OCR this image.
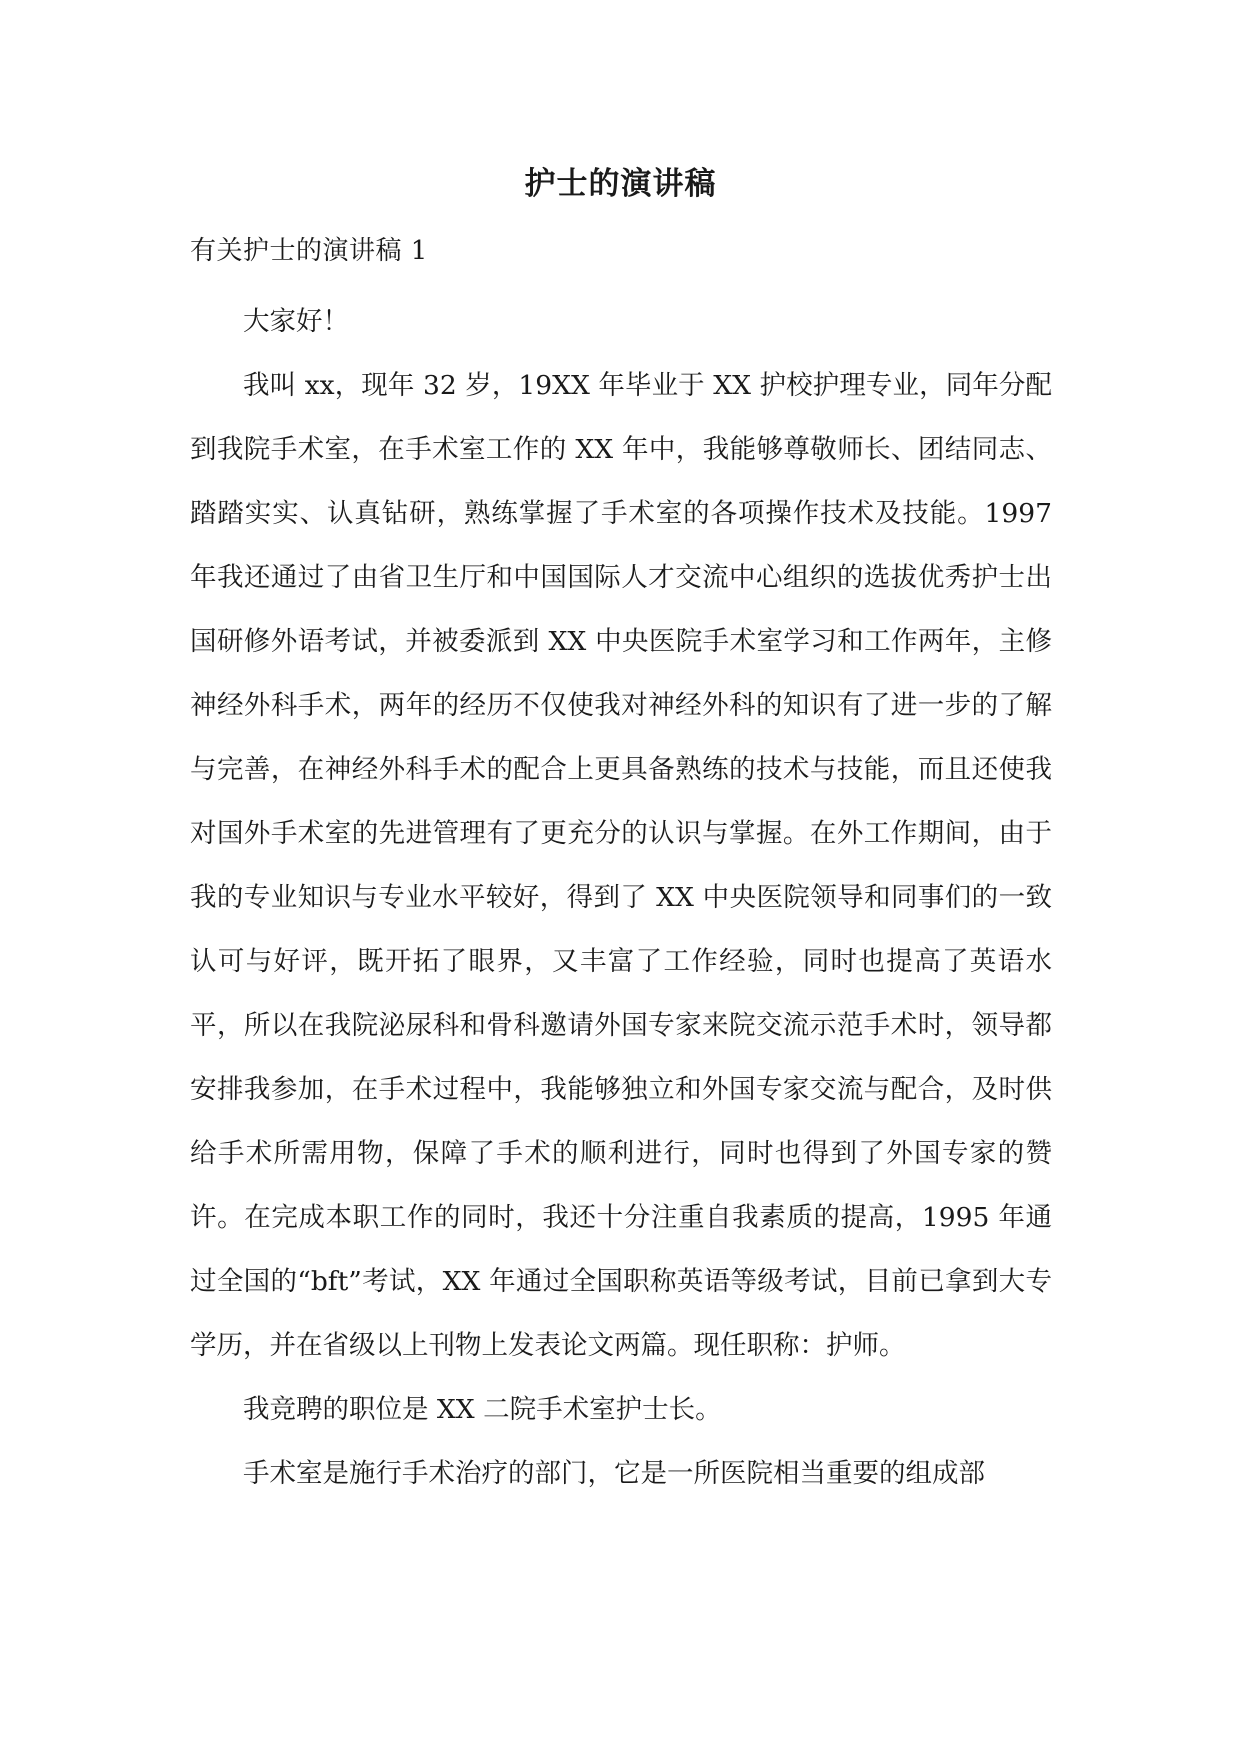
护士的演讲稿

有关护士的演讲稿 1

大家好！

我叫 xx，现年 32 岁，19XX 年毕业于 XX 护校护理专业，同年分配到我院手术室，在手术室工作的 XX 年中，我能够尊敬师长、团结同志、踏踏实实、认真钻研，熟练掌握了手术室的各项操作技术及技能。1997 年我还通过了由省卫生厅和中国国际人才交流中心组织的选拔优秀护士出国研修外语考试，并被委派到 XX 中央医院手术室学习和工作两年，主修神经外科手术，两年的经历不仅使我对神经外科的知识有了进一步的了解与完善，在神经外科手术的配合上更具备熟练的技术与技能，而且还使我对国外手术室的先进管理有了更充分的认识与掌握。在外工作期间，由于我的专业知识与专业水平较好，得到了 XX 中央医院领导和同事们的一致认可与好评，既开拓了眼界，又丰富了工作经验，同时也提高了英语水平，所以在我院泌尿科和骨科邀请外国专家来院交流示范手术时，领导都安排我参加，在手术过程中，我能够独立和外国专家交流与配合，及时供给手术所需用物，保障了手术的顺利进行，同时也得到了外国专家的赞许。在完成本职工作的同时，我还十分注重自我素质的提高，1995 年通过全国的“bft”考试，XX 年通过全国职称英语等级考试，目前已拿到大专学历，并在省级以上刊物上发表论文两篇。现任职称：护师。

我竞聘的职位是 XX 二院手术室护士长。

手术室是施行手术治疗的部门，它是一所医院相当重要的组成部
